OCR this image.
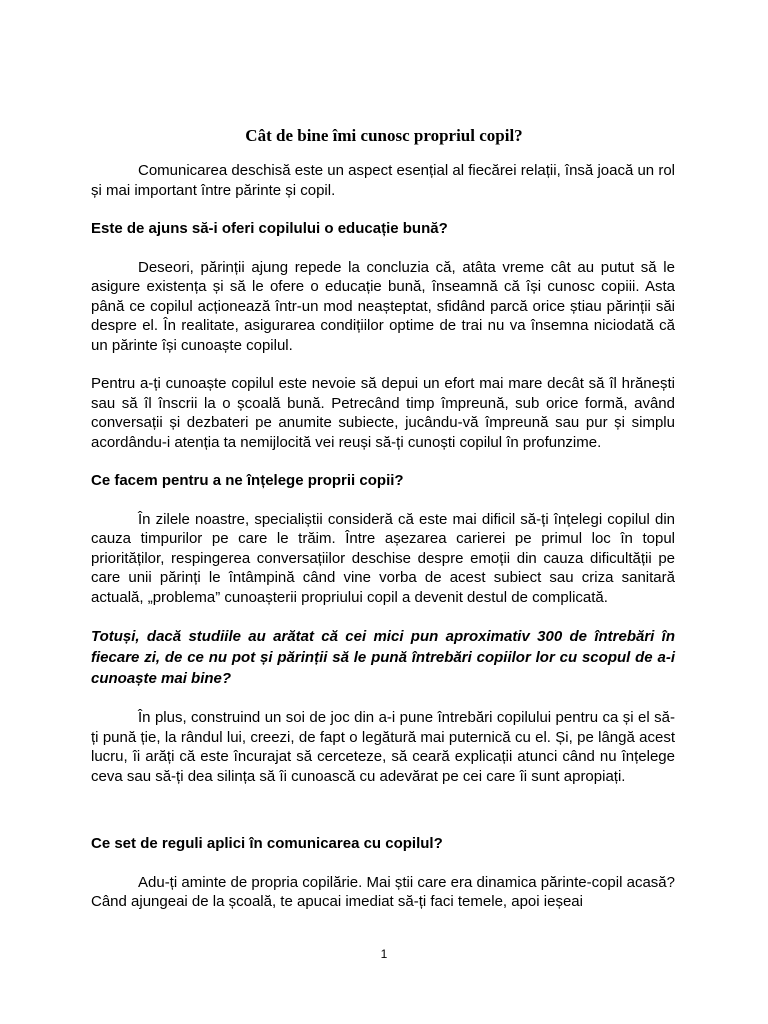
Cât de bine îmi cunosc propriul copil?

Comunicarea deschisă este un aspect esențial al fiecărei relații, însă joacă un rol și mai important între părinte și copil.

Este de ajuns să-i oferi copilului o educație bună?

Deseori, părinții ajung repede la concluzia că, atâta vreme cât au putut să le asigure existența și să le ofere o educație bună, înseamnă că își cunosc copiii. Asta până ce copilul acționează într-un mod neașteptat, sfidând parcă orice știau părinții săi despre el. În realitate, asigurarea condițiilor optime de trai nu va însemna niciodată că un părinte își cunoaște copilul.

Pentru a-ți cunoaște copilul este nevoie să depui un efort mai mare decât să îl hrănești sau să îl înscrii la o școală bună. Petrecând timp împreună, sub orice formă, având conversații și dezbateri pe anumite subiecte, jucându-vă împreună sau pur și simplu acordându-i atenția ta nemijlocită vei reuși să-ți cunoști copilul în profunzime.

Ce facem pentru a ne înțelege proprii copii?

În zilele noastre, specialiștii consideră că este mai dificil să-ți înțelegi copilul din cauza timpurilor pe care le trăim. Între așezarea carierei pe primul loc în topul priorităților, respingerea conversațiilor deschise despre emoții din cauza dificultății pe care unii părinți le întâmpină când vine vorba de acest subiect sau criza sanitară actuală, „problema” cunoașterii propriului copil a devenit destul de complicată.

Totuși, dacă studiile au arătat că cei mici pun aproximativ 300 de întrebări în fiecare zi, de ce nu pot și părinții să le pună întrebări copiilor lor cu scopul de a-i cunoaște mai bine?

În plus, construind un soi de joc din a-i pune întrebări copilului pentru ca și el să-ți pună ție, la rândul lui, creezi, de fapt o legătură mai puternică cu el. Și, pe lângă acest lucru, îi arăți că este încurajat să cerceteze, să ceară explicații atunci când nu înțelege ceva sau să-ți dea silința să îi cunoască cu adevărat pe cei care îi sunt apropiați.

Ce set de reguli aplici în comunicarea cu copilul?

Adu-ți aminte de propria copilărie. Mai știi care era dinamica părinte-copil acasă? Când ajungeai de la școală, te apucai imediat să-ți faci temele, apoi ieșeai

1
